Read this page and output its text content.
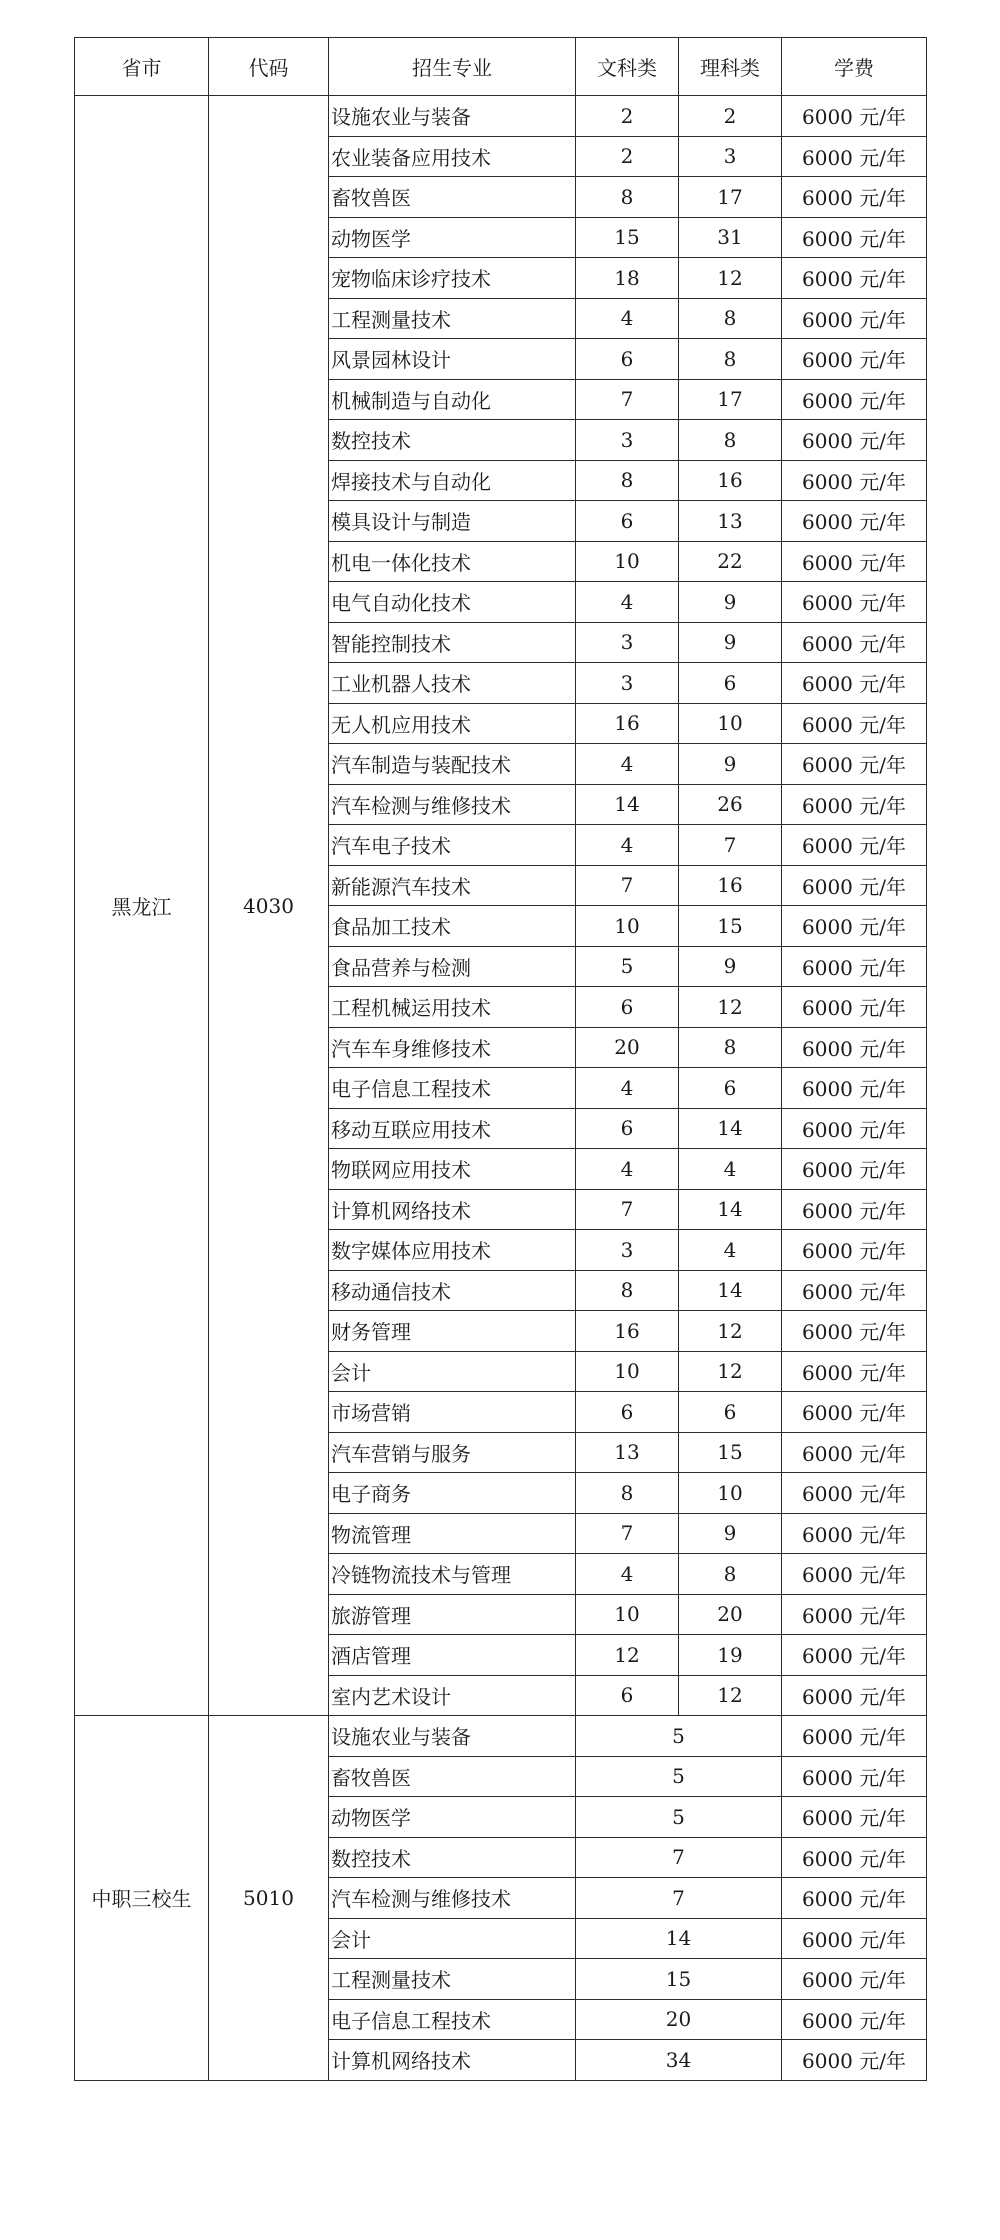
省市	代码	招生专业	文科类	理科类	学费
黑龙江	4030	设施农业与装备	2	2	6000 元/年
		农业装备应用技术	2	3	6000 元/年
		畜牧兽医	8	17	6000 元/年
		动物医学	15	31	6000 元/年
		宠物临床诊疗技术	18	12	6000 元/年
		工程测量技术	4	8	6000 元/年
		风景园林设计	6	8	6000 元/年
		机械制造与自动化	7	17	6000 元/年
		数控技术	3	8	6000 元/年
		焊接技术与自动化	8	16	6000 元/年
		模具设计与制造	6	13	6000 元/年
		机电一体化技术	10	22	6000 元/年
		电气自动化技术	4	9	6000 元/年
		智能控制技术	3	9	6000 元/年
		工业机器人技术	3	6	6000 元/年
		无人机应用技术	16	10	6000 元/年
		汽车制造与装配技术	4	9	6000 元/年
		汽车检测与维修技术	14	26	6000 元/年
		汽车电子技术	4	7	6000 元/年
		新能源汽车技术	7	16	6000 元/年
		食品加工技术	10	15	6000 元/年
		食品营养与检测	5	9	6000 元/年
		工程机械运用技术	6	12	6000 元/年
		汽车车身维修技术	20	8	6000 元/年
		电子信息工程技术	4	6	6000 元/年
		移动互联应用技术	6	14	6000 元/年
		物联网应用技术	4	4	6000 元/年
		计算机网络技术	7	14	6000 元/年
		数字媒体应用技术	3	4	6000 元/年
		移动通信技术	8	14	6000 元/年
		财务管理	16	12	6000 元/年
		会计	10	12	6000 元/年
		市场营销	6	6	6000 元/年
		汽车营销与服务	13	15	6000 元/年
		电子商务	8	10	6000 元/年
		物流管理	7	9	6000 元/年
		冷链物流技术与管理	4	8	6000 元/年
		旅游管理	10	20	6000 元/年
		酒店管理	12	19	6000 元/年
		室内艺术设计	6	12	6000 元/年
中职三校生	5010	设施农业与装备	5		6000 元/年
		畜牧兽医	5		6000 元/年
		动物医学	5		6000 元/年
		数控技术	7		6000 元/年
		汽车检测与维修技术	7		6000 元/年
		会计	14		6000 元/年
		工程测量技术	15		6000 元/年
		电子信息工程技术	20		6000 元/年
		计算机网络技术	34		6000 元/年
